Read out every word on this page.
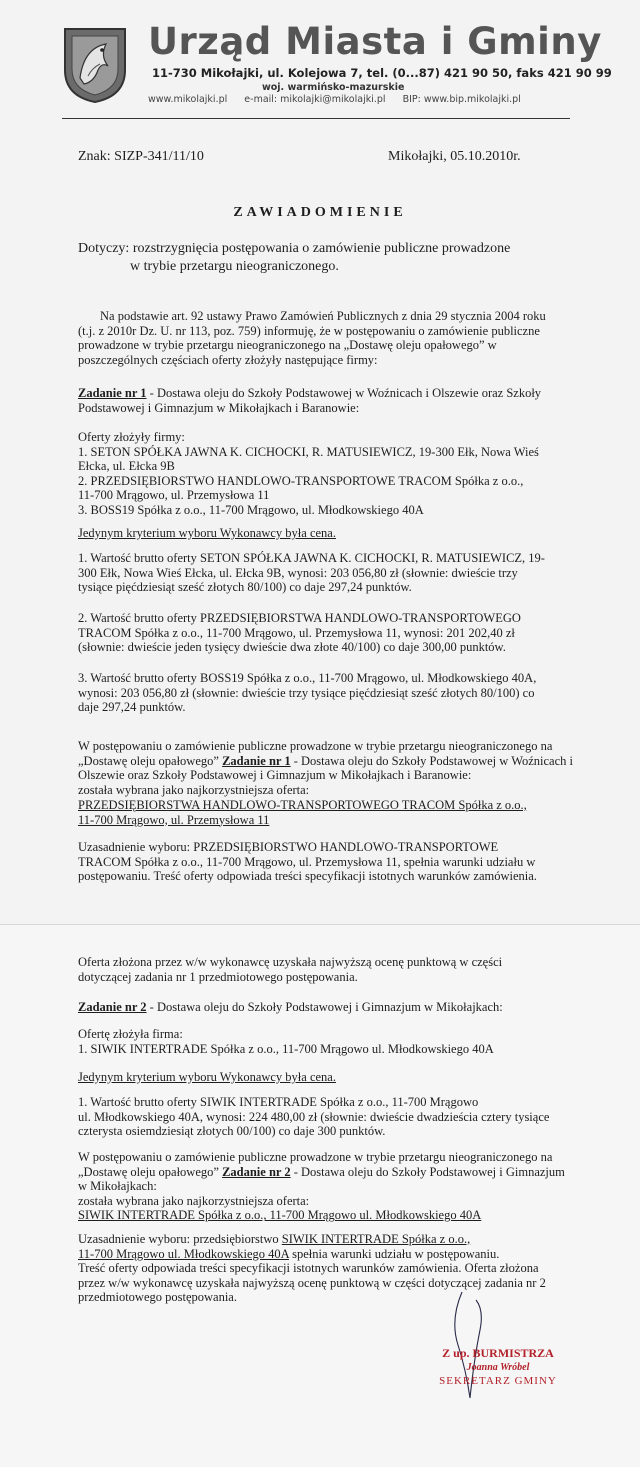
Urząd Miasta i Gminy
11-730 Mikołajki, ul. Kolejowa 7, tel. (0...87) 421 90 50, faks 421 90 99
woj. warmińsko-mazurskie
www.mikolajki.pl e-mail: mikolajki@mikolajki.pl BIP: www.bip.mikolajki.pl
Znak: SIZP-341/11/10	Mikołajki, 05.10.2010r.
ZAWIADOMIENIE
Dotyczy: rozstrzygnięcia postępowania o zamówienie publiczne prowadzone
w trybie przetargu nieograniczonego.
Na podstawie art. 92 ustawy Prawo Zamówień Publicznych z dnia 29 stycznia 2004 roku
(t.j. z 2010r Dz. U. nr 113, poz. 759) informuję, że w postępowaniu o zamówienie publiczne
prowadzone w trybie przetargu nieograniczonego na „Dostawę oleju opałowego” w
poszczególnych częściach oferty złożyły następujące firmy:
Zadanie nr 1 - Dostawa oleju do Szkoły Podstawowej w Woźnicach i Olszewie oraz Szkoły
Podstawowej i Gimnazjum w Mikołajkach i Baranowie:
Oferty złożyły firmy:
1. SETON SPÓŁKA JAWNA K. CICHOCKI, R. MATUSIEWICZ, 19-300 Ełk, Nowa Wieś
Ełcka, ul. Ełcka 9B
2. PRZEDSIĘBIORSTWO HANDLOWO-TRANSPORTOWE TRACOM Spółka z o.o.,
11-700 Mrągowo, ul. Przemysłowa 11
3. BOSS19 Spółka z o.o., 11-700 Mrągowo, ul. Młodkowskiego 40A
Jedynym kryterium wyboru Wykonawcy była cena.
1. Wartość brutto oferty SETON SPÓŁKA JAWNA K. CICHOCKI, R. MATUSIEWICZ, 19-
300 Ełk, Nowa Wieś Ełcka, ul. Ełcka 9B, wynosi: 203 056,80 zł (słownie: dwieście trzy
tysiące pięćdziesiąt sześć złotych 80/100) co daje 297,24 punktów.
2. Wartość brutto oferty PRZEDSIĘBIORSTWA HANDLOWO-TRANSPORTOWEGO
TRACOM Spółka z o.o., 11-700 Mrągowo, ul. Przemysłowa 11, wynosi: 201 202,40 zł
(słownie: dwieście jeden tysięcy dwieście dwa złote 40/100) co daje 300,00 punktów.
3. Wartość brutto oferty BOSS19 Spółka z o.o., 11-700 Mrągowo, ul. Młodkowskiego 40A,
wynosi: 203 056,80 zł (słownie: dwieście trzy tysiące pięćdziesiąt sześć złotych 80/100) co
daje 297,24 punktów.
W postępowaniu o zamówienie publiczne prowadzone w trybie przetargu nieograniczonego na
„Dostawę oleju opałowego” Zadanie nr 1 - Dostawa oleju do Szkoły Podstawowej w Woźnicach i
Olszewie oraz Szkoły Podstawowej i Gimnazjum w Mikołajkach i Baranowie:
została wybrana jako najkorzystniejsza oferta:
PRZEDSIĘBIORSTWA HANDLOWO-TRANSPORTOWEGO TRACOM Spółka z o.o.,
11-700 Mrągowo, ul. Przemysłowa 11
Uzasadnienie wyboru: PRZEDSIĘBIORSTWO HANDLOWO-TRANSPORTOWE
TRACOM Spółka z o.o., 11-700 Mrągowo, ul. Przemysłowa 11, spełnia warunki udziału w
postępowaniu. Treść oferty odpowiada treści specyfikacji istotnych warunków zamówienia.
Oferta złożona przez w/w wykonawcę uzyskała najwyższą ocenę punktową w części
dotyczącej zadania nr 1 przedmiotowego postępowania.
Zadanie nr 2 - Dostawa oleju do Szkoły Podstawowej i Gimnazjum w Mikołajkach:
Ofertę złożyła firma:
1. SIWIK INTERTRADE Spółka z o.o., 11-700 Mrągowo ul. Młodkowskiego 40A
Jedynym kryterium wyboru Wykonawcy była cena.
1. Wartość brutto oferty SIWIK INTERTRADE Spółka z o.o., 11-700 Mrągowo
ul. Młodkowskiego 40A, wynosi: 224 480,00 zł (słownie: dwieście dwadzieścia cztery tysiące
czterysta osiemdziesiąt złotych 00/100) co daje 300 punktów.
W postępowaniu o zamówienie publiczne prowadzone w trybie przetargu nieograniczonego na
„Dostawę oleju opałowego” Zadanie nr 2 - Dostawa oleju do Szkoły Podstawowej i Gimnazjum
w Mikołajkach:
została wybrana jako najkorzystniejsza oferta:
SIWIK INTERTRADE Spółka z o.o., 11-700 Mrągowo ul. Młodkowskiego 40A
Uzasadnienie wyboru: przedsiębiorstwo SIWIK INTERTRADE Spółka z o.o.,
11-700 Mrągowo ul. Młodkowskiego 40A spełnia warunki udziału w postępowaniu.
Treść oferty odpowiada treści specyfikacji istotnych warunków zamówienia. Oferta złożona
przez w/w wykonawcę uzyskała najwyższą ocenę punktową w części dotyczącej zadania nr 2
przedmiotowego postępowania.
Z up. BURMISTRZA
Joanna Wróbel
SEKRETARZ GMINY
